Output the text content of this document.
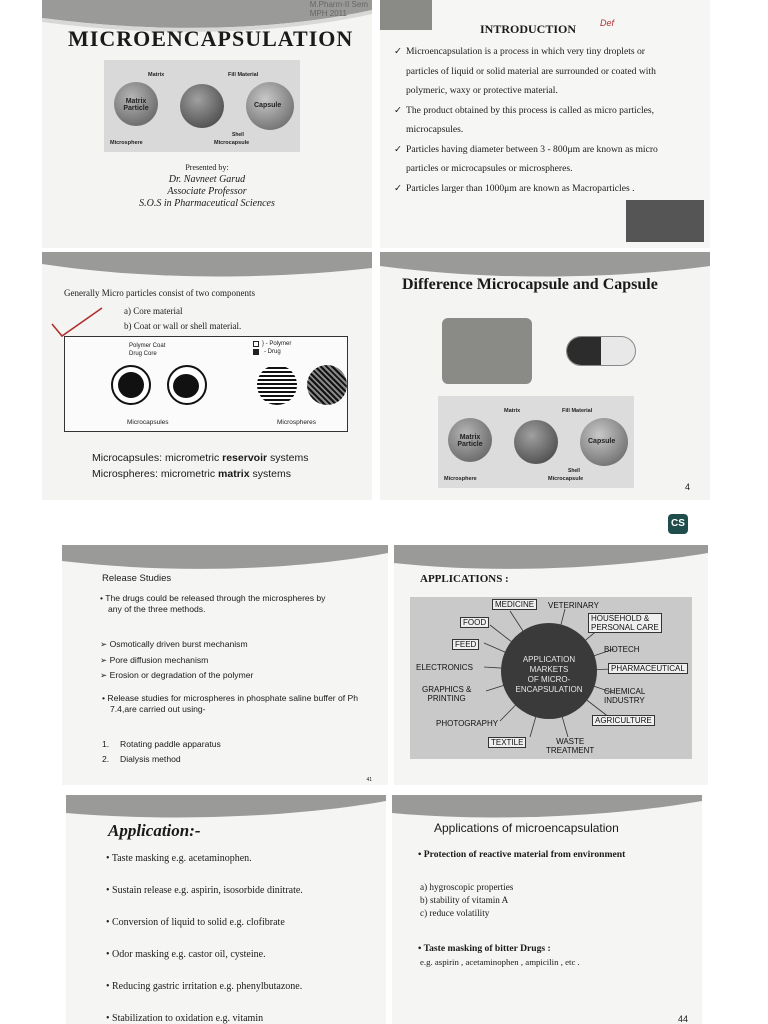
M.Pharm-II Sem
MPH 2011
MICROENCAPSULATION
Matrix	Fill Material
Matrix Particle	Capsule
Shell
Microsphere	Microcapsule
Presented by:
Dr. Navneet Garud
Associate Professor
S.O.S in Pharmaceutical Sciences
INTRODUCTION	Def
✓ Microencapsulation is a process in which very tiny droplets or
particles of liquid or solid material are surrounded or coated with
polymeric, waxy or protective material.
✓ The product obtained by this process is called as micro particles,
microcapsules.
✓ Particles having diameter between 3 - 800μm are known as micro
particles or microcapsules or microspheres.
✓ Particles larger than 1000μm are known as Macroparticles .
Generally Micro particles consist of two components
a) Core material
b) Coat or wall or shell material.
Polymer Coat
Drug Core
} - Polymer
- Drug
Microcapsules	Microspheres
Microcapsules: micrometric reservoir systems
Microspheres: micrometric matrix systems
Difference Microcapsule and Capsule
Matrix	Fill Material
Matrix Particle	Capsule
Shell
Microsphere	Microcapsule
4
CS
Release Studies
• The drugs could be released through the microspheres by
any of the three methods.
➢ Osmotically driven burst mechanism
➢ Pore diffusion mechanism
➢ Erosion or degradation of the polymer
• Release studies for microspheres in phosphate saline buffer of Ph
7.4,are carried out using-
1. Rotating paddle apparatus
2. Dialysis method
41
APPLICATIONS :
APPLICATION
MARKETS
OF MICRO-
ENCAPSULATION
MEDICINE	VETERINARY
FOOD	HOUSEHOLD &
PERSONAL CARE
FEED
BIOTECH
ELECTRONICS	PHARMACEUTICAL
GRAPHICS &
PRINTING
CHEMICAL
INDUSTRY
AGRICULTURE
PHOTOGRAPHY
TEXTILE	WASTE
TREATMENT
Application:-
• Taste masking e.g. acetaminophen.
• Sustain release e.g. aspirin, isosorbide dinitrate.
• Conversion of liquid to solid e.g. clofibrate
• Odor masking e.g. castor oil, cysteine.
• Reducing gastric irritation e.g. phenylbutazone.
• Stabilization to oxidation e.g. vitamin
Applications of microencapsulation
• Protection of reactive material from environment
a) hygroscopic properties
b) stability of vitamin A
c) reduce volatility
• Taste masking of bitter Drugs :
e.g. aspirin , acetaminophen , ampicilin , etc .
44
